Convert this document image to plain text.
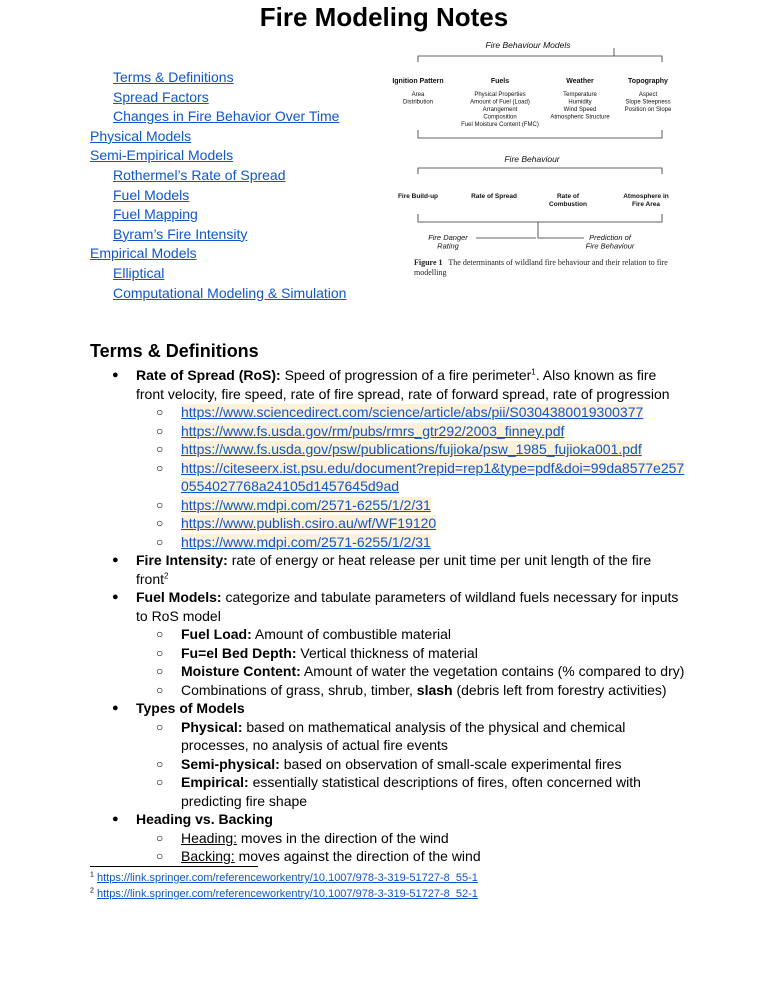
Fire Modeling Notes
Terms & Definitions
Spread Factors
Changes in Fire Behavior Over Time
Physical Models
Semi-Empirical Models
Rothermel’s Rate of Spread
Fuel Models
Fuel Mapping
Byram’s Fire Intensity
Empirical Models
Elliptical
Computational Modeling & Simulation
Fire Behaviour Models
Ignition Pattern	Fuels	Weather	Topography
Area
Distribution
Physical Properties
Amount of Fuel (Load)
Arrangement
Composition
Fuel Moisture Content (FMC)
Temperature
Humidity
Wind Speed
Atmospheric Structure
Aspect
Slope Steepness
Position on Slope
Fire Behaviour
Fire Build-up	Rate of Spread	Rate of
Combustion
Atmosphere in
Fire Area
Fire Danger
Rating
Prediction of
Fire Behaviour
Figure 1 The determinants of wildland fire behaviour and their relation to fire modelling
Terms & Definitions
● Rate of Spread (RoS): Speed of progression of a fire perimeter$^1$. Also known as fire
front velocity, fire speed, rate of fire spread, rate of forward spread, rate of progression
○ https://www.sciencedirect.com/science/article/abs/pii/S0304380019300377
○ https://www.fs.usda.gov/rm/pubs/rmrs_gtr292/2003_finney.pdf
○ https://www.fs.usda.gov/psw/publications/fujioka/psw_1985_fujioka001.pdf
○ https://citeseerx.ist.psu.edu/document?repid=rep1&type=pdf&doi=99da8577e257
0554027768a24105d1457645d9ad
○ https://www.mdpi.com/2571-6255/1/2/31
○ https://www.publish.csiro.au/wf/WF19120
○ https://www.mdpi.com/2571-6255/1/2/31
● Fire Intensity: rate of energy or heat release per unit time per unit length of the fire
front$^2$
● Fuel Models: categorize and tabulate parameters of wildland fuels necessary for inputs
to RoS model
○ Fuel Load: Amount of combustible material
○ Fu=el Bed Depth: Vertical thickness of material
○ Moisture Content: Amount of water the vegetation contains (% compared to dry)
○ Combinations of grass, shrub, timber, slash (debris left from forestry activities)
● Types of Models
○ Physical: based on mathematical analysis of the physical and chemical
processes, no analysis of actual fire events
○ Semi-physical: based on observation of small-scale experimental fires
○ Empirical: essentially statistical descriptions of fires, often concerned with
predicting fire shape
● Heading vs. Backing
○ Heading: moves in the direction of the wind
○ Backing: moves against the direction of the wind
$^1$ https://link.springer.com/referenceworkentry/10.1007/978-3-319-51727-8_55-1
$^2$ https://link.springer.com/referenceworkentry/10.1007/978-3-319-51727-8_52-1
